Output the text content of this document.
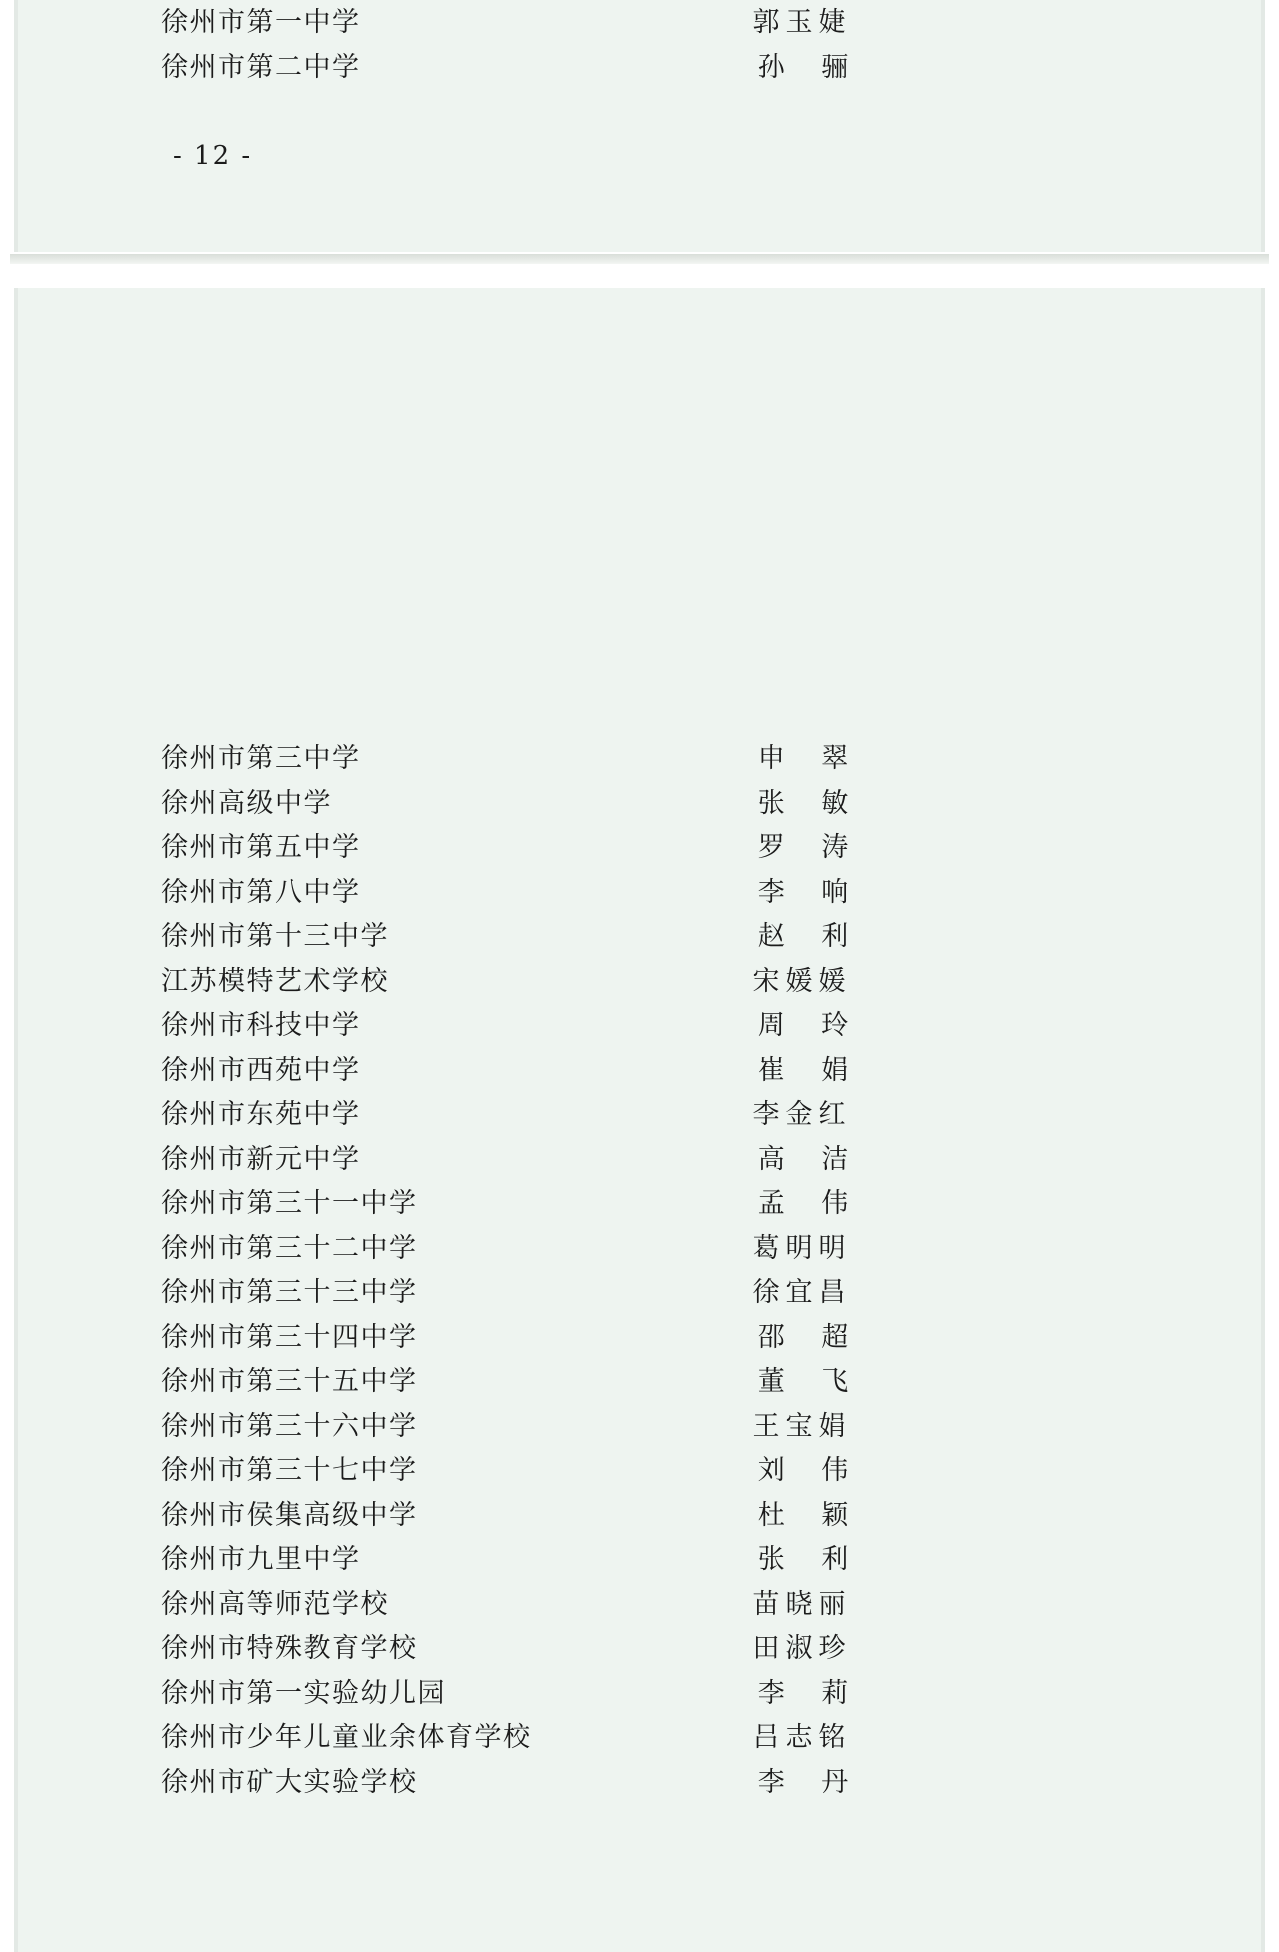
徐州市第一中学	郭玉婕
徐州市第二中学	孙 骊
- 12 -
徐州市第三中学	申 翠
徐州高级中学	张 敏
徐州市第五中学	罗 涛
徐州市第八中学	李 响
徐州市第十三中学	赵 利
江苏模特艺术学校	宋媛媛
徐州市科技中学	周 玲
徐州市西苑中学	崔 娟
徐州市东苑中学	李金红
徐州市新元中学	高 洁
徐州市第三十一中学	孟 伟
徐州市第三十二中学	葛明明
徐州市第三十三中学	徐宜昌
徐州市第三十四中学	邵 超
徐州市第三十五中学	董 飞
徐州市第三十六中学	王宝娟
徐州市第三十七中学	刘 伟
徐州市侯集高级中学	杜 颖
徐州市九里中学	张 利
徐州高等师范学校	苗晓丽
徐州市特殊教育学校	田淑珍
徐州市第一实验幼儿园	李 莉
徐州市少年儿童业余体育学校	吕志铭
徐州市矿大实验学校	李 丹
